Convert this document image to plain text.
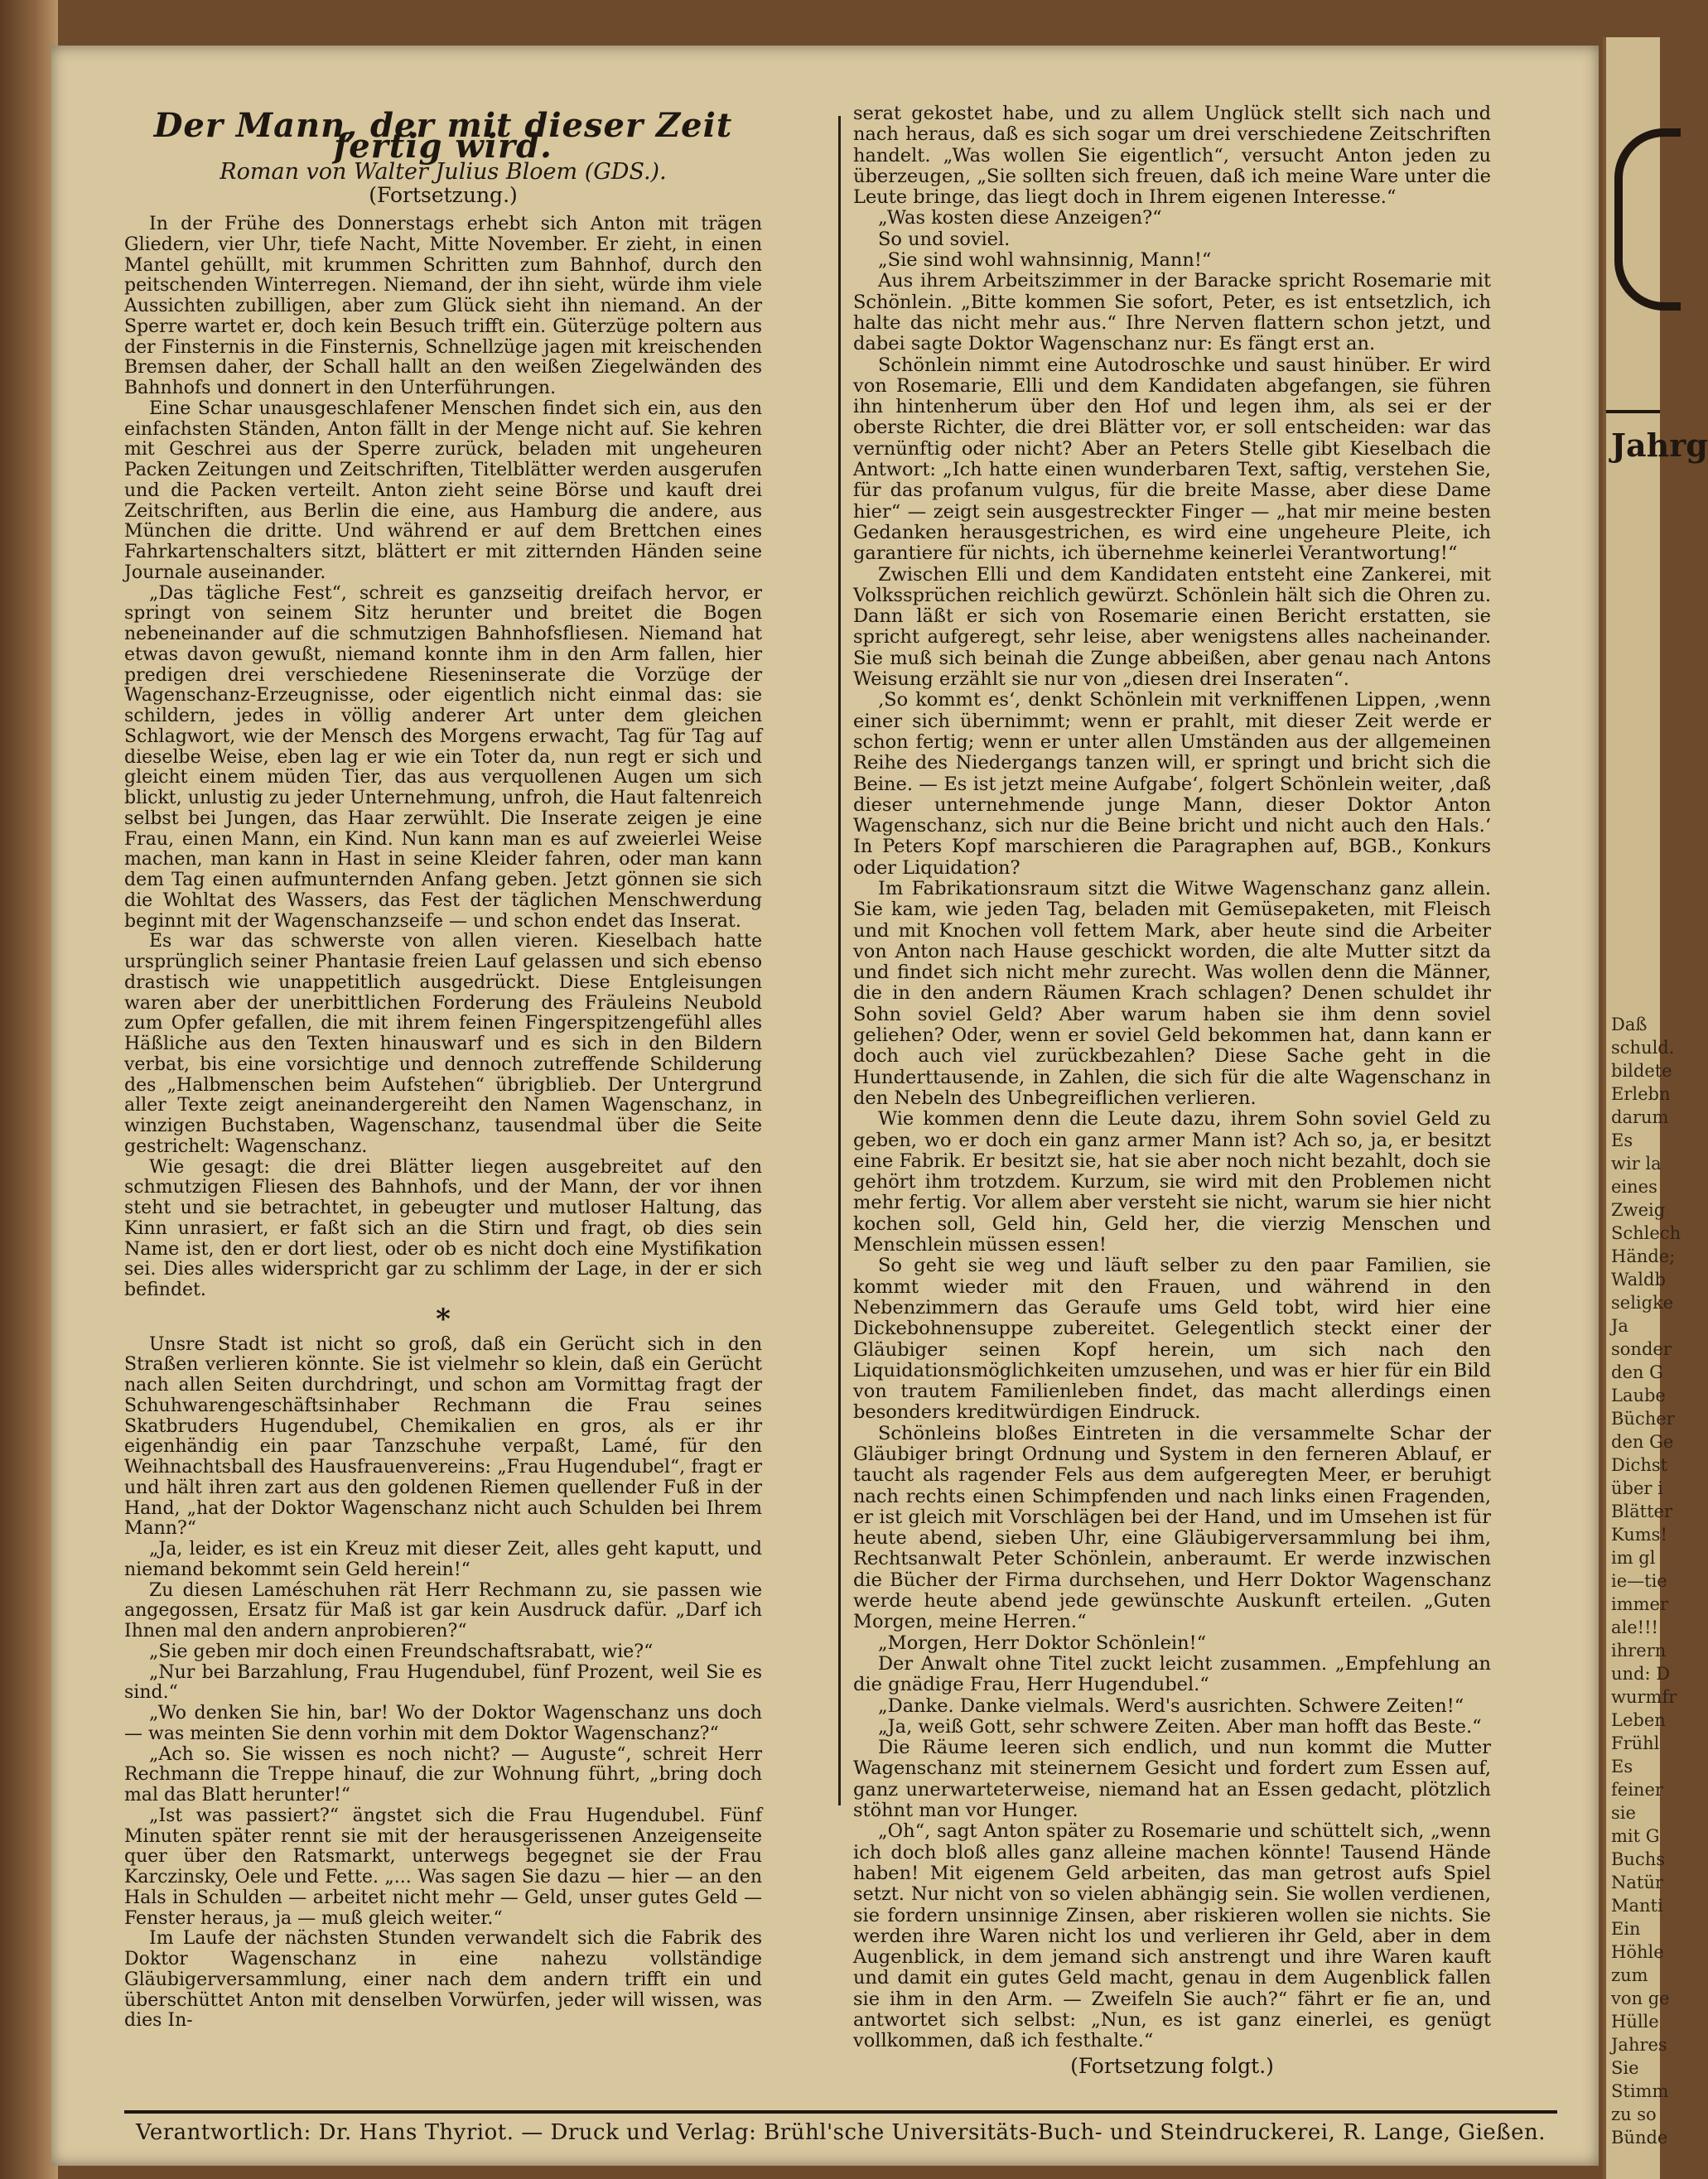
Jahrg
Daß
schuld.
bildete
Erlebn
darum
Es
wir la
eines
Zweig
Schlech
Hände;
Waldb
seligke
Ja
sonder
den G
Laube
Bücher
den Ge
Dichst
über i
Blätter
Kums!
im gl
ie—tie
immer
ale!!!
ihrern
und: D
wurmfr
Leben
Frühl
Es
feiner
sie
mit G
Buchs
Natür
Manti
Ein
Höhle
zum
von ge
Hülle
Jahres
Sie
Stimm
zu so
Bünde
Der Mann, der mit dieser Zeit fertig wird.
Roman von Walter Julius Bloem (GDS.).
(Fortsetzung.)

In der Frühe des Donnerstags erhebt sich Anton mit trägen Gliedern, vier Uhr, tiefe Nacht, Mitte November. Er zieht, in einen Mantel gehüllt, mit krummen Schritten zum Bahnhof, durch den peitschenden Winterregen. Niemand, der ihn sieht, würde ihm viele Aussichten zubilligen, aber zum Glück sieht ihn niemand. An der Sperre wartet er, doch kein Besuch trifft ein. Güterzüge poltern aus der Finsternis in die Finsternis, Schnellzüge jagen mit kreischenden Bremsen daher, der Schall hallt an den weißen Ziegelwänden des Bahnhofs und donnert in den Unterführungen.

Eine Schar unausgeschlafener Menschen findet sich ein, aus den einfachsten Ständen, Anton fällt in der Menge nicht auf. Sie kehren mit Geschrei aus der Sperre zurück, beladen mit ungeheuren Packen Zeitungen und Zeitschriften, Titelblätter werden ausgerufen und die Packen verteilt. Anton zieht seine Börse und kauft drei Zeitschriften, aus Berlin die eine, aus Hamburg die andere, aus München die dritte. Und während er auf dem Brettchen eines Fahrkartenschalters sitzt, blättert er mit zitternden Händen seine Journale auseinander.

„Das tägliche Fest“, schreit es ganzseitig dreifach hervor, er springt von seinem Sitz herunter und breitet die Bogen nebeneinander auf die schmutzigen Bahnhofsfliesen. Niemand hat etwas davon gewußt, niemand konnte ihm in den Arm fallen, hier predigen drei verschiedene Rieseninserate die Vorzüge der Wagenschanz-Erzeugnisse, oder eigentlich nicht einmal das: sie schildern, jedes in völlig anderer Art unter dem gleichen Schlagwort, wie der Mensch des Morgens erwacht, Tag für Tag auf dieselbe Weise, eben lag er wie ein Toter da, nun regt er sich und gleicht einem müden Tier, das aus verquollenen Augen um sich blickt, unlustig zu jeder Unternehmung, unfroh, die Haut faltenreich selbst bei Jungen, das Haar zerwühlt. Die Inserate zeigen je eine Frau, einen Mann, ein Kind. Nun kann man es auf zweierlei Weise machen, man kann in Hast in seine Kleider fahren, oder man kann dem Tag einen aufmunternden Anfang geben. Jetzt gönnen sie sich die Wohltat des Wassers, das Fest der täglichen Menschwerdung beginnt mit der Wagenschanzseife — und schon endet das Inserat.

Es war das schwerste von allen vieren. Kieselbach hatte ursprünglich seiner Phantasie freien Lauf gelassen und sich ebenso drastisch wie unappetitlich ausgedrückt. Diese Entgleisungen waren aber der unerbittlichen Forderung des Fräuleins Neubold zum Opfer gefallen, die mit ihrem feinen Fingerspitzengefühl alles Häßliche aus den Texten hinauswarf und es sich in den Bildern verbat, bis eine vorsichtige und dennoch zutreffende Schilderung des „Halbmenschen beim Aufstehen“ übrigblieb. Der Untergrund aller Texte zeigt aneinandergereiht den Namen Wagenschanz, in winzigen Buchstaben, Wagenschanz, tausendmal über die Seite gestrichelt: Wagenschanz.

Wie gesagt: die drei Blätter liegen ausgebreitet auf den schmutzigen Fliesen des Bahnhofs, und der Mann, der vor ihnen steht und sie betrachtet, in gebeugter und mutloser Haltung, das Kinn unrasiert, er faßt sich an die Stirn und fragt, ob dies sein Name ist, den er dort liest, oder ob es nicht doch eine Mystifikation sei. Dies alles widerspricht gar zu schlimm der Lage, in der er sich befindet.

*

Unsre Stadt ist nicht so groß, daß ein Gerücht sich in den Straßen verlieren könnte. Sie ist vielmehr so klein, daß ein Gerücht nach allen Seiten durchdringt, und schon am Vormittag fragt der Schuhwarengeschäftsinhaber Rechmann die Frau seines Skatbruders Hugendubel, Chemikalien en gros, als er ihr eigenhändig ein paar Tanzschuhe verpaßt, Lamé, für den Weihnachtsball des Hausfrauenvereins: „Frau Hugendubel“, fragt er und hält ihren zart aus den goldenen Riemen quellender Fuß in der Hand, „hat der Doktor Wagenschanz nicht auch Schulden bei Ihrem Mann?“

„Ja, leider, es ist ein Kreuz mit dieser Zeit, alles geht kaputt, und niemand bekommt sein Geld herein!“

Zu diesen Laméschuhen rät Herr Rechmann zu, sie passen wie angegossen, Ersatz für Maß ist gar kein Ausdruck dafür. „Darf ich Ihnen mal den andern anprobieren?“

„Sie geben mir doch einen Freundschaftsrabatt, wie?“

„Nur bei Barzahlung, Frau Hugendubel, fünf Prozent, weil Sie es sind.“

„Wo denken Sie hin, bar! Wo der Doktor Wagenschanz uns doch — was meinten Sie denn vorhin mit dem Doktor Wagenschanz?“

„Ach so. Sie wissen es noch nicht? — Auguste“, schreit Herr Rechmann die Treppe hinauf, die zur Wohnung führt, „bring doch mal das Blatt herunter!“

„Ist was passiert?“ ängstet sich die Frau Hugendubel. Fünf Minuten später rennt sie mit der herausgerissenen Anzeigenseite quer über den Ratsmarkt, unterwegs begegnet sie der Frau Karczinsky, Oele und Fette. „... Was sagen Sie dazu — hier — an den Hals in Schulden — arbeitet nicht mehr — Geld, unser gutes Geld — Fenster heraus, ja — muß gleich weiter.“

Im Laufe der nächsten Stunden verwandelt sich die Fabrik des Doktor Wagenschanz in eine nahezu vollständige Gläubigerversammlung, einer nach dem andern trifft ein und überschüttet Anton mit denselben Vorwürfen, jeder will wissen, was dies In-

serat gekostet habe, und zu allem Unglück stellt sich nach und nach heraus, daß es sich sogar um drei verschiedene Zeitschriften handelt. „Was wollen Sie eigentlich“, versucht Anton jeden zu überzeugen, „Sie sollten sich freuen, daß ich meine Ware unter die Leute bringe, das liegt doch in Ihrem eigenen Interesse.“

„Was kosten diese Anzeigen?“

So und soviel.

„Sie sind wohl wahnsinnig, Mann!“

Aus ihrem Arbeitszimmer in der Baracke spricht Rosemarie mit Schönlein. „Bitte kommen Sie sofort, Peter, es ist entsetzlich, ich halte das nicht mehr aus.“ Ihre Nerven flattern schon jetzt, und dabei sagte Doktor Wagenschanz nur: Es fängt erst an.

Schönlein nimmt eine Autodroschke und saust hinüber. Er wird von Rosemarie, Elli und dem Kandidaten abgefangen, sie führen ihn hintenherum über den Hof und legen ihm, als sei er der oberste Richter, die drei Blätter vor, er soll entscheiden: war das vernünftig oder nicht? Aber an Peters Stelle gibt Kieselbach die Antwort: „Ich hatte einen wunderbaren Text, saftig, verstehen Sie, für das profanum vulgus, für die breite Masse, aber diese Dame hier“ — zeigt sein ausgestreckter Finger — „hat mir meine besten Gedanken herausgestrichen, es wird eine ungeheure Pleite, ich garantiere für nichts, ich übernehme keinerlei Verantwortung!“

Zwischen Elli und dem Kandidaten entsteht eine Zankerei, mit Volkssprüchen reichlich gewürzt. Schönlein hält sich die Ohren zu. Dann läßt er sich von Rosemarie einen Bericht erstatten, sie spricht aufgeregt, sehr leise, aber wenigstens alles nacheinander. Sie muß sich beinah die Zunge abbeißen, aber genau nach Antons Weisung erzählt sie nur von „diesen drei Inseraten“.

‚So kommt es‘, denkt Schönlein mit verkniffenen Lippen, ‚wenn einer sich übernimmt; wenn er prahlt, mit dieser Zeit werde er schon fertig; wenn er unter allen Umständen aus der allgemeinen Reihe des Niedergangs tanzen will, er springt und bricht sich die Beine. — Es ist jetzt meine Aufgabe‘, folgert Schönlein weiter, ‚daß dieser unternehmende junge Mann, dieser Doktor Anton Wagenschanz, sich nur die Beine bricht und nicht auch den Hals.‘ In Peters Kopf marschieren die Paragraphen auf, BGB., Konkurs oder Liquidation?

Im Fabrikationsraum sitzt die Witwe Wagenschanz ganz allein. Sie kam, wie jeden Tag, beladen mit Gemüsepaketen, mit Fleisch und mit Knochen voll fettem Mark, aber heute sind die Arbeiter von Anton nach Hause geschickt worden, die alte Mutter sitzt da und findet sich nicht mehr zurecht. Was wollen denn die Männer, die in den andern Räumen Krach schlagen? Denen schuldet ihr Sohn soviel Geld? Aber warum haben sie ihm denn soviel geliehen? Oder, wenn er soviel Geld bekommen hat, dann kann er doch auch viel zurückbezahlen? Diese Sache geht in die Hunderttausende, in Zahlen, die sich für die alte Wagenschanz in den Nebeln des Unbegreiflichen verlieren.

Wie kommen denn die Leute dazu, ihrem Sohn soviel Geld zu geben, wo er doch ein ganz armer Mann ist? Ach so, ja, er besitzt eine Fabrik. Er besitzt sie, hat sie aber noch nicht bezahlt, doch sie gehört ihm trotzdem. Kurzum, sie wird mit den Problemen nicht mehr fertig. Vor allem aber versteht sie nicht, warum sie hier nicht kochen soll, Geld hin, Geld her, die vierzig Menschen und Menschlein müssen essen!

So geht sie weg und läuft selber zu den paar Familien, sie kommt wieder mit den Frauen, und während in den Nebenzimmern das Geraufe ums Geld tobt, wird hier eine Dickebohnensuppe zubereitet. Gelegentlich steckt einer der Gläubiger seinen Kopf herein, um sich nach den Liquidationsmöglichkeiten umzusehen, und was er hier für ein Bild von trautem Familienleben findet, das macht allerdings einen besonders kreditwürdigen Eindruck.

Schönleins bloßes Eintreten in die versammelte Schar der Gläubiger bringt Ordnung und System in den ferneren Ablauf, er taucht als ragender Fels aus dem aufgeregten Meer, er beruhigt nach rechts einen Schimpfenden und nach links einen Fragenden, er ist gleich mit Vorschlägen bei der Hand, und im Umsehen ist für heute abend, sieben Uhr, eine Gläubigerversammlung bei ihm, Rechtsanwalt Peter Schönlein, anberaumt. Er werde inzwischen die Bücher der Firma durchsehen, und Herr Doktor Wagenschanz werde heute abend jede gewünschte Auskunft erteilen. „Guten Morgen, meine Herren.“

„Morgen, Herr Doktor Schönlein!“

Der Anwalt ohne Titel zuckt leicht zusammen. „Empfehlung an die gnädige Frau, Herr Hugendubel.“

„Danke. Danke vielmals. Werd's ausrichten. Schwere Zeiten!“

„Ja, weiß Gott, sehr schwere Zeiten. Aber man hofft das Beste.“

Die Räume leeren sich endlich, und nun kommt die Mutter Wagenschanz mit steinernem Gesicht und fordert zum Essen auf, ganz unerwarteterweise, niemand hat an Essen gedacht, plötzlich stöhnt man vor Hunger.

„Oh“, sagt Anton später zu Rosemarie und schüttelt sich, „wenn ich doch bloß alles ganz alleine machen könnte! Tausend Hände haben! Mit eigenem Geld arbeiten, das man getrost aufs Spiel setzt. Nur nicht von so vielen abhängig sein. Sie wollen verdienen, sie fordern unsinnige Zinsen, aber riskieren wollen sie nichts. Sie werden ihre Waren nicht los und verlieren ihr Geld, aber in dem Augenblick, in dem jemand sich anstrengt und ihre Waren kauft und damit ein gutes Geld macht, genau in dem Augenblick fallen sie ihm in den Arm. — Zweifeln Sie auch?“ fährt er fie an, und antwortet sich selbst: „Nun, es ist ganz einerlei, es genügt vollkommen, daß ich festhalte.“

(Fortsetzung folgt.)
Verantwortlich: Dr. Hans Thyriot. — Druck und Verlag: Brühl'sche Universitäts-Buch- und Steindruckerei, R. Lange, Gießen.
